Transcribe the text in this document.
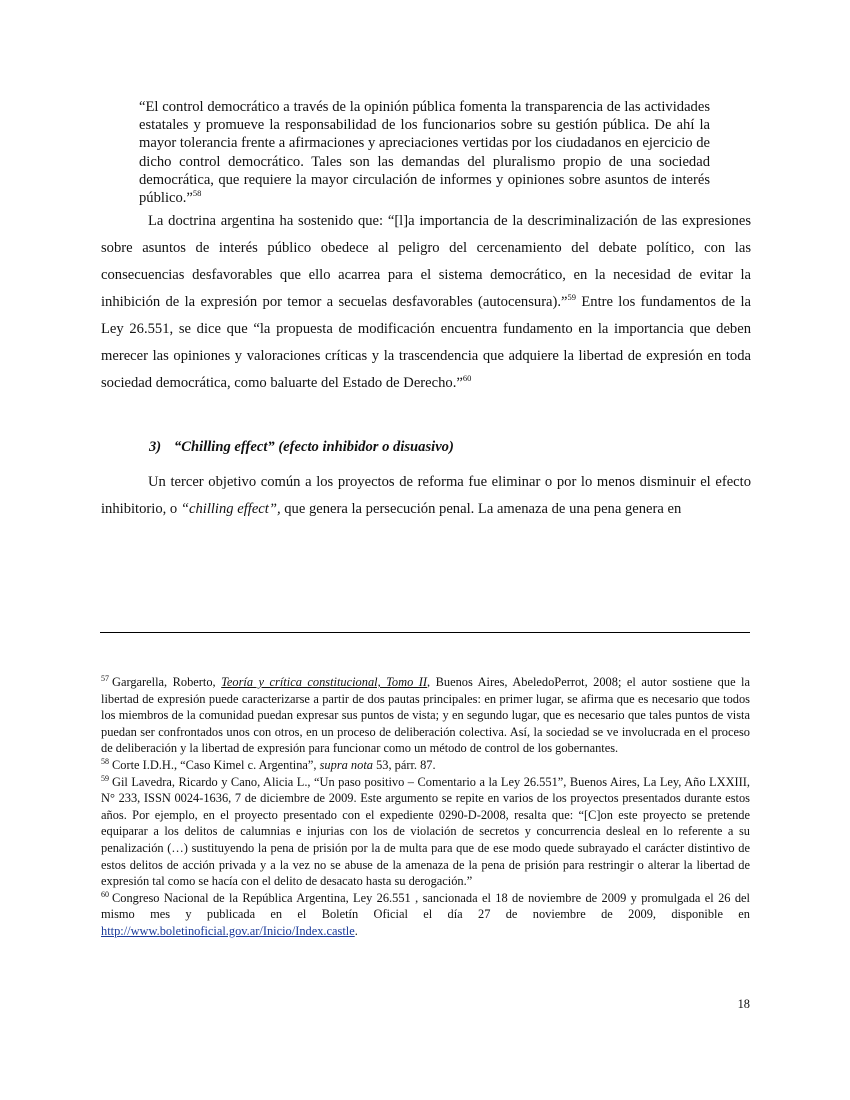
“El control democrático a través de la opinión pública fomenta la transparencia de las actividades estatales y promueve la responsabilidad de los funcionarios sobre su gestión pública. De ahí la mayor tolerancia frente a afirmaciones y apreciaciones vertidas por los ciudadanos en ejercicio de dicho control democrático. Tales son las demandas del pluralismo propio de una sociedad democrática, que requiere la mayor circulación de informes y opiniones sobre asuntos de interés público.”$^{58}$

La doctrina argentina ha sostenido que: “[l]a importancia de la descriminalización de las expresiones sobre asuntos de interés público obedece al peligro del cercenamiento del debate político, con las consecuencias desfavorables que ello acarrea para el sistema democrático, en la necesidad de evitar la inhibición de la expresión por temor a secuelas desfavorables (autocensura).”$^{59}$ Entre los fundamentos de la Ley 26.551, se dice que “la propuesta de modificación encuentra fundamento en la importancia que deben merecer las opiniones y valoraciones críticas y la trascendencia que adquiere la libertad de expresión en toda sociedad democrática, como baluarte del Estado de Derecho.”$^{60}$

3) “Chilling effect” (efecto inhibidor o disuasivo)

Un tercer objetivo común a los proyectos de reforma fue eliminar o por lo menos disminuir el efecto inhibitorio, o “chilling effect”, que genera la persecución penal. La amenaza de una pena genera en

$^{57}$ Gargarella, Roberto, Teoría y crítica constitucional, Tomo II, Buenos Aires, AbeledoPerrot, 2008; el autor sostiene que la libertad de expresión puede caracterizarse a partir de dos pautas principales: en primer lugar, se afirma que es necesario que todos los miembros de la comunidad puedan expresar sus puntos de vista; y en segundo lugar, que es necesario que tales puntos de vista puedan ser confrontados unos con otros, en un proceso de deliberación colectiva. Así, la sociedad se ve involucrada en el proceso de deliberación y la libertad de expresión para funcionar como un método de control de los gobernantes.

$^{58}$ Corte I.D.H., “Caso Kimel c. Argentina”, supra nota 53, párr. 87.

$^{59}$ Gil Lavedra, Ricardo y Cano, Alicia L., “Un paso positivo – Comentario a la Ley 26.551”, Buenos Aires, La Ley, Año LXXIII, N° 233, ISSN 0024-1636, 7 de diciembre de 2009. Este argumento se repite en varios de los proyectos presentados durante estos años. Por ejemplo, en el proyecto presentado con el expediente 0290-D-2008, resalta que: “[C]on este proyecto se pretende equiparar a los delitos de calumnias e injurias con los de violación de secretos y concurrencia desleal en lo referente a su penalización (…) sustituyendo la pena de prisión por la de multa para que de ese modo quede subrayado el carácter distintivo de estos delitos de acción privada y a la vez no se abuse de la amenaza de la pena de prisión para restringir o alterar la libertad de expresión tal como se hacía con el delito de desacato hasta su derogación.”

$^{60}$ Congreso Nacional de la República Argentina, Ley 26.551 , sancionada el 18 de noviembre de 2009 y promulgada el 26 del mismo mes y publicada en el Boletín Oficial el día 27 de noviembre de 2009, disponible en http://www.boletinoficial.gov.ar/Inicio/Index.castle.

18
